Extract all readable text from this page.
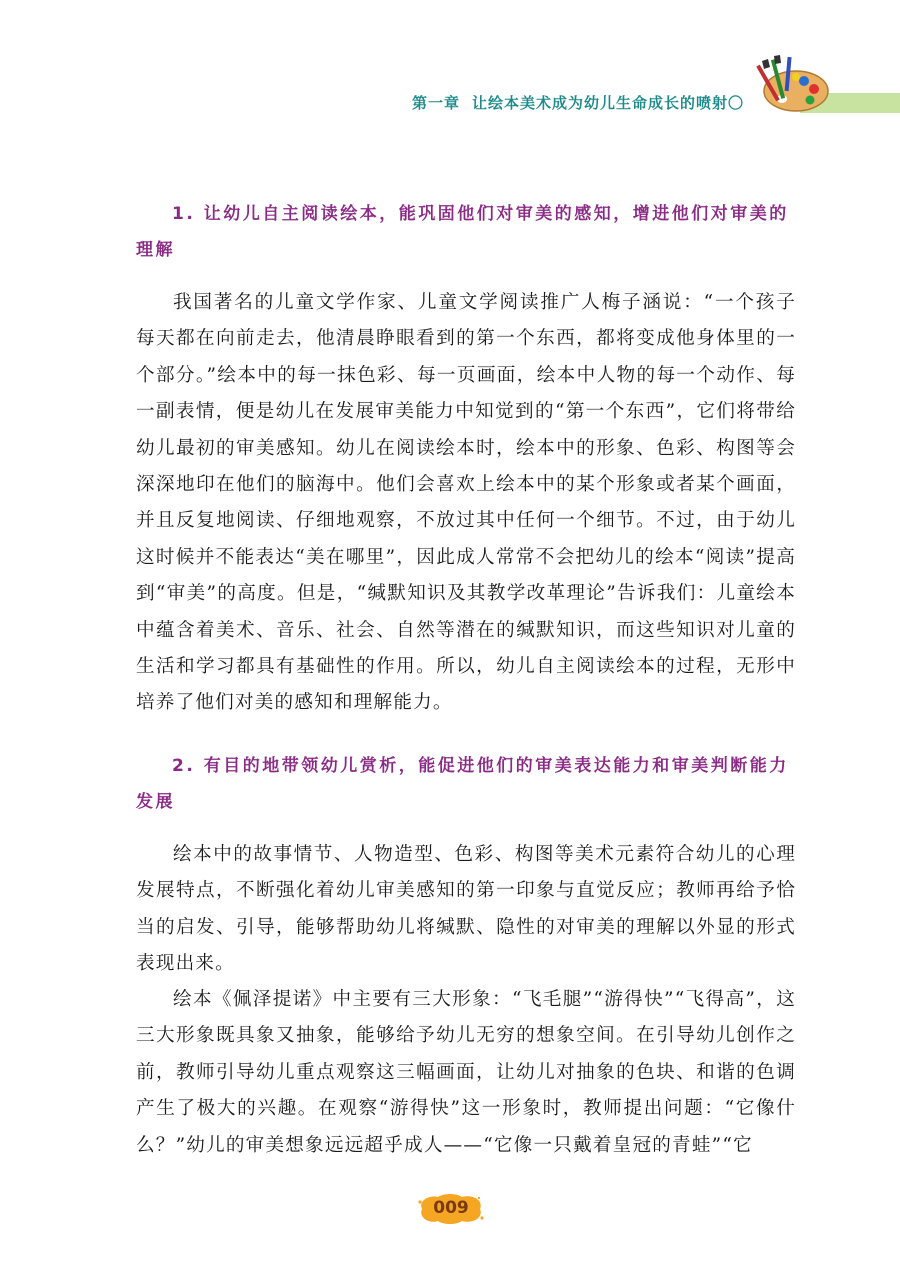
第一章 让绘本美术成为幼儿生命成长的喷射〇

1. 让幼儿自主阅读绘本，能巩固他们对审美的感知，增进他们对审美的理解

我国著名的儿童文学作家、儿童文学阅读推广人梅子涵说：“一个孩子每天都在向前走去，他清晨睁眼看到的第一个东西，都将变成他身体里的一个部分。”绘本中的每一抹色彩、每一页画面，绘本中人物的每一个动作、每一副表情，便是幼儿在发展审美能力中知觉到的“第一个东西”，它们将带给幼儿最初的审美感知。幼儿在阅读绘本时，绘本中的形象、色彩、构图等会深深地印在他们的脑海中。他们会喜欢上绘本中的某个形象或者某个画面，并且反复地阅读、仔细地观察，不放过其中任何一个细节。不过，由于幼儿这时候并不能表达“美在哪里”，因此成人常常不会把幼儿的绘本“阅读”提高到“审美”的高度。但是，“缄默知识及其教学改革理论”告诉我们：儿童绘本中蕴含着美术、音乐、社会、自然等潜在的缄默知识，而这些知识对儿童的生活和学习都具有基础性的作用。所以，幼儿自主阅读绘本的过程，无形中培养了他们对美的感知和理解能力。

2. 有目的地带领幼儿赏析，能促进他们的审美表达能力和审美判断能力发展

绘本中的故事情节、人物造型、色彩、构图等美术元素符合幼儿的心理发展特点，不断强化着幼儿审美感知的第一印象与直觉反应；教师再给予恰当的启发、引导，能够帮助幼儿将缄默、隐性的对审美的理解以外显的形式表现出来。

绘本《佩泽提诺》中主要有三大形象：“飞毛腿”“游得快”“飞得高”，这三大形象既具象又抽象，能够给予幼儿无穷的想象空间。在引导幼儿创作之前，教师引导幼儿重点观察这三幅画面，让幼儿对抽象的色块、和谐的色调产生了极大的兴趣。在观察“游得快”这一形象时，教师提出问题：“它像什么？”幼儿的审美想象远远超乎成人——“它像一只戴着皇冠的青蛙”“它

009
